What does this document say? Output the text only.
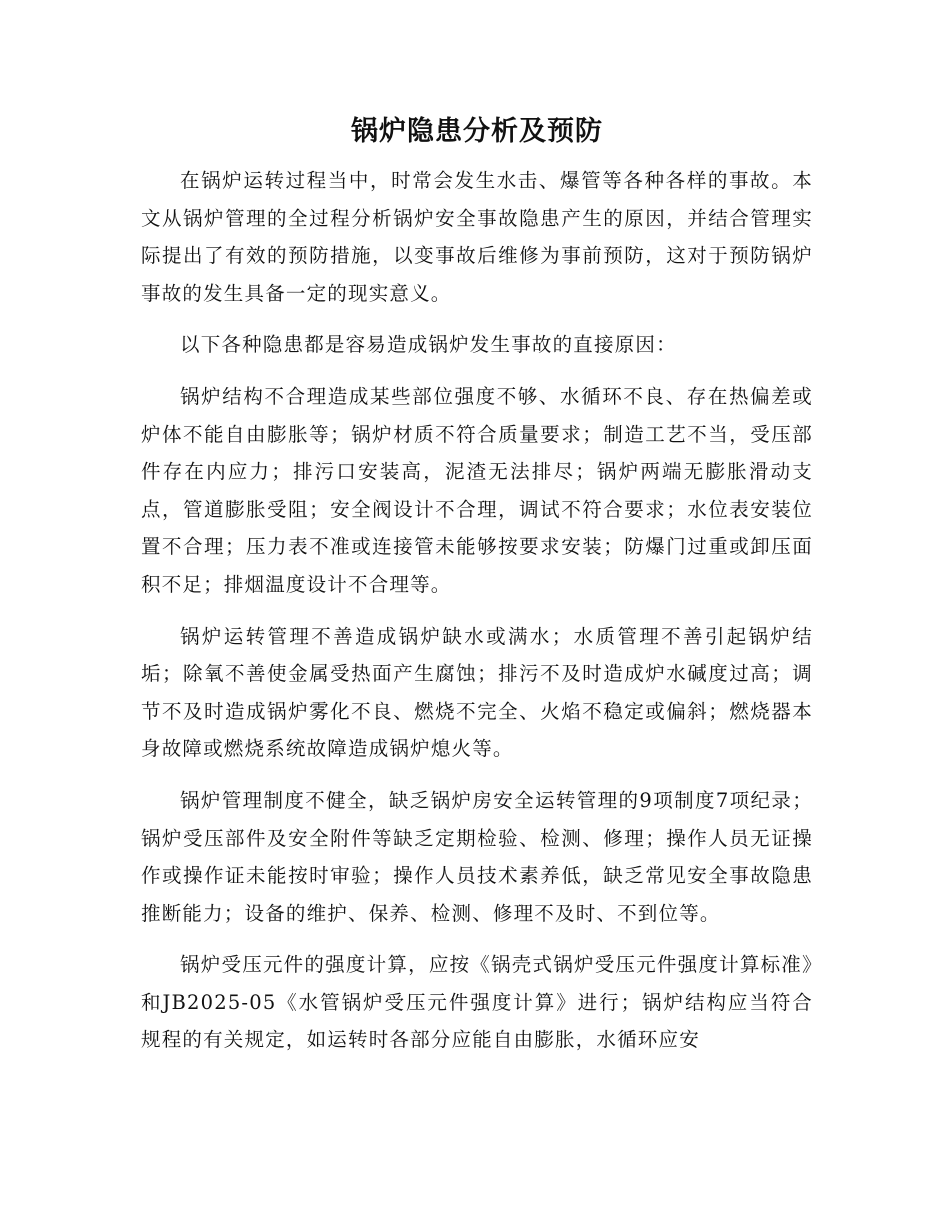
锅炉隐患分析及预防

在锅炉运转过程当中，时常会发生水击、爆管等各种各样的事故。本文从锅炉管理的全过程分析锅炉安全事故隐患产生的原因，并结合管理实际提出了有效的预防措施，以变事故后维修为事前预防，这对于预防锅炉事故的发生具备一定的现实意义。

以下各种隐患都是容易造成锅炉发生事故的直接原因：

锅炉结构不合理造成某些部位强度不够、水循环不良、存在热偏差或炉体不能自由膨胀等；锅炉材质不符合质量要求；制造工艺不当，受压部件存在内应力；排污口安装高，泥渣无法排尽；锅炉两端无膨胀滑动支点，管道膨胀受阻；安全阀设计不合理，调试不符合要求；水位表安装位置不合理；压力表不准或连接管未能够按要求安装；防爆门过重或卸压面积不足；排烟温度设计不合理等。

锅炉运转管理不善造成锅炉缺水或满水；水质管理不善引起锅炉结垢；除氧不善使金属受热面产生腐蚀；排污不及时造成炉水碱度过高；调节不及时造成锅炉雾化不良、燃烧不完全、火焰不稳定或偏斜；燃烧器本身故障或燃烧系统故障造成锅炉熄火等。

锅炉管理制度不健全，缺乏锅炉房安全运转管理的9项制度7项纪录；锅炉受压部件及安全附件等缺乏定期检验、检测、修理；操作人员无证操作或操作证未能按时审验；操作人员技术素养低，缺乏常见安全事故隐患推断能力；设备的维护、保养、检测、修理不及时、不到位等。

锅炉受压元件的强度计算，应按《锅壳式锅炉受压元件强度计算标准》和JB2025-05《水管锅炉受压元件强度计算》进行；锅炉结构应当符合规程的有关规定，如运转时各部分应能自由膨胀，水循环应安
